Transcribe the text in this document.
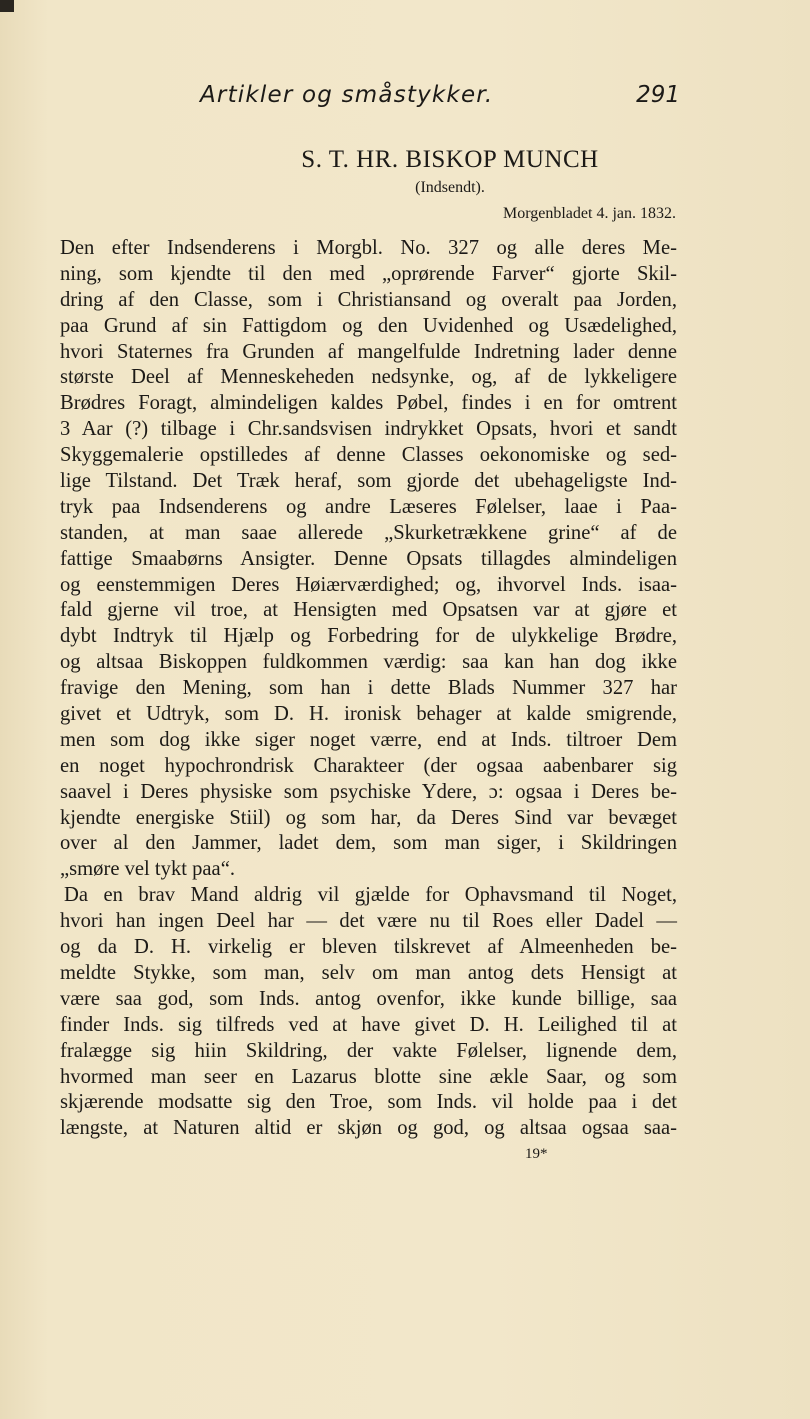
Artikler og småstykker.	291
S. T. HR. BISKOP MUNCH
(Indsendt).
Morgenbladet 4. jan. 1832.
Den efter Indsenderens i Morgbl. No. 327 og alle deres Me-
ning, som kjendte til den med „oprørende Farver“ gjorte Skil-
dring af den Classe, som i Christiansand og overalt paa Jorden,
paa Grund af sin Fattigdom og den Uvidenhed og Usædelighed,
hvori Staternes fra Grunden af mangelfulde Indretning lader denne
største Deel af Menneskeheden nedsynke, og, af de lykkeligere
Brødres Foragt, almindeligen kaldes Pøbel, findes i en for omtrent
3 Aar (?) tilbage i Chr.sandsvisen indrykket Opsats, hvori et sandt
Skyggemalerie opstilledes af denne Classes oekonomiske og sed-
lige Tilstand. Det Træk heraf, som gjorde det ubehageligste Ind-
tryk paa Indsenderens og andre Læseres Følelser, laae i Paa-
standen, at man saae allerede „Skurketrækkene grine“ af de
fattige Smaabørns Ansigter. Denne Opsats tillagdes almindeligen
og eenstemmigen Deres Høiærværdighed; og, ihvorvel Inds. isaa-
fald gjerne vil troe, at Hensigten med Opsatsen var at gjøre et
dybt Indtryk til Hjælp og Forbedring for de ulykkelige Brødre,
og altsaa Biskoppen fuldkommen værdig: saa kan han dog ikke
fravige den Mening, som han i dette Blads Nummer 327 har
givet et Udtryk, som D. H. ironisk behager at kalde smigrende,
men som dog ikke siger noget værre, end at Inds. tiltroer Dem
en noget hypochrondrisk Charakteer (der ogsaa aabenbarer sig
saavel i Deres physiske som psychiske Ydere, ɔ: ogsaa i Deres be-
kjendte energiske Stiil) og som har, da Deres Sind var bevæget
over al den Jammer, ladet dem, som man siger, i Skildringen
„smøre vel tykt paa“.
Da en brav Mand aldrig vil gjælde for Ophavsmand til Noget,
hvori han ingen Deel har — det være nu til Roes eller Dadel —
og da D. H. virkelig er bleven tilskrevet af Almeenheden be-
meldte Stykke, som man, selv om man antog dets Hensigt at
være saa god, som Inds. antog ovenfor, ikke kunde billige, saa
finder Inds. sig tilfreds ved at have givet D. H. Leilighed til at
fralægge sig hiin Skildring, der vakte Følelser, lignende dem,
hvormed man seer en Lazarus blotte sine ækle Saar, og som
skjærende modsatte sig den Troe, som Inds. vil holde paa i det
længste, at Naturen altid er skjøn og god, og altsaa ogsaa saa-
19*
